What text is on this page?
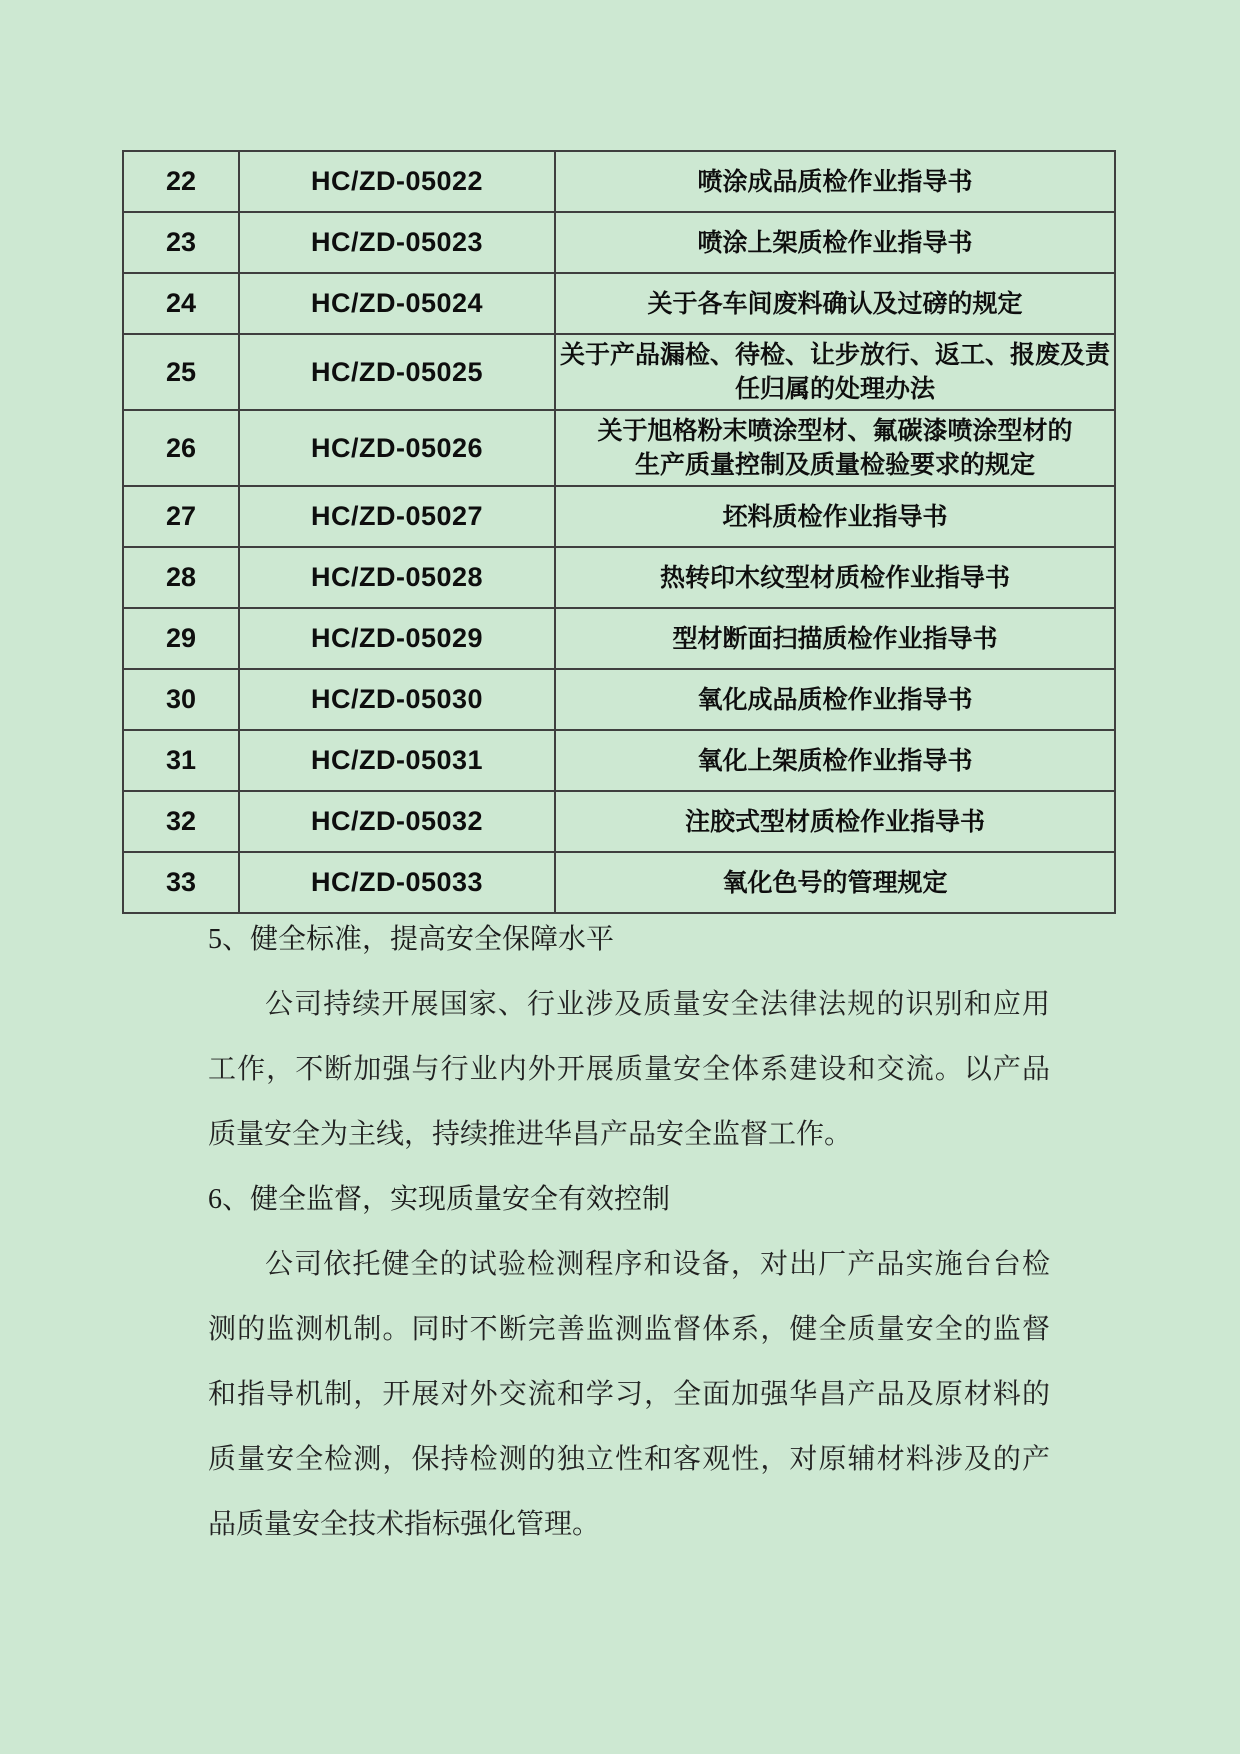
22	HC/ZD-05022	喷涂成品质检作业指导书

23	HC/ZD-05023	喷涂上架质检作业指导书

24	HC/ZD-05024	关于各车间废料确认及过磅的规定

25	HC/ZD-05025	关于产品漏检、待检、让步放行、返工、报废及责
任归属的处理办法

26	HC/ZD-05026	关于旭格粉末喷涂型材、氟碳漆喷涂型材的
生产质量控制及质量检验要求的规定

27	HC/ZD-05027	坯料质检作业指导书

28	HC/ZD-05028	热转印木纹型材质检作业指导书

29	HC/ZD-05029	型材断面扫描质检作业指导书

30	HC/ZD-05030	氧化成品质检作业指导书

31	HC/ZD-05031	氧化上架质检作业指导书

32	HC/ZD-05032	注胶式型材质检作业指导书

33	HC/ZD-05033	氧化色号的管理规定
5、健全标准，提高安全保障水平
公司持续开展国家、行业涉及质量安全法律法规的识别和应用
工作，不断加强与行业内外开展质量安全体系建设和交流。以产品
质量安全为主线，持续推进华昌产品安全监督工作。
6、健全监督，实现质量安全有效控制
公司依托健全的试验检测程序和设备，对出厂产品实施台台检
测的监测机制。同时不断完善监测监督体系，健全质量安全的监督
和指导机制，开展对外交流和学习，全面加强华昌产品及原材料的
质量安全检测，保持检测的独立性和客观性，对原辅材料涉及的产
品质量安全技术指标强化管理。
